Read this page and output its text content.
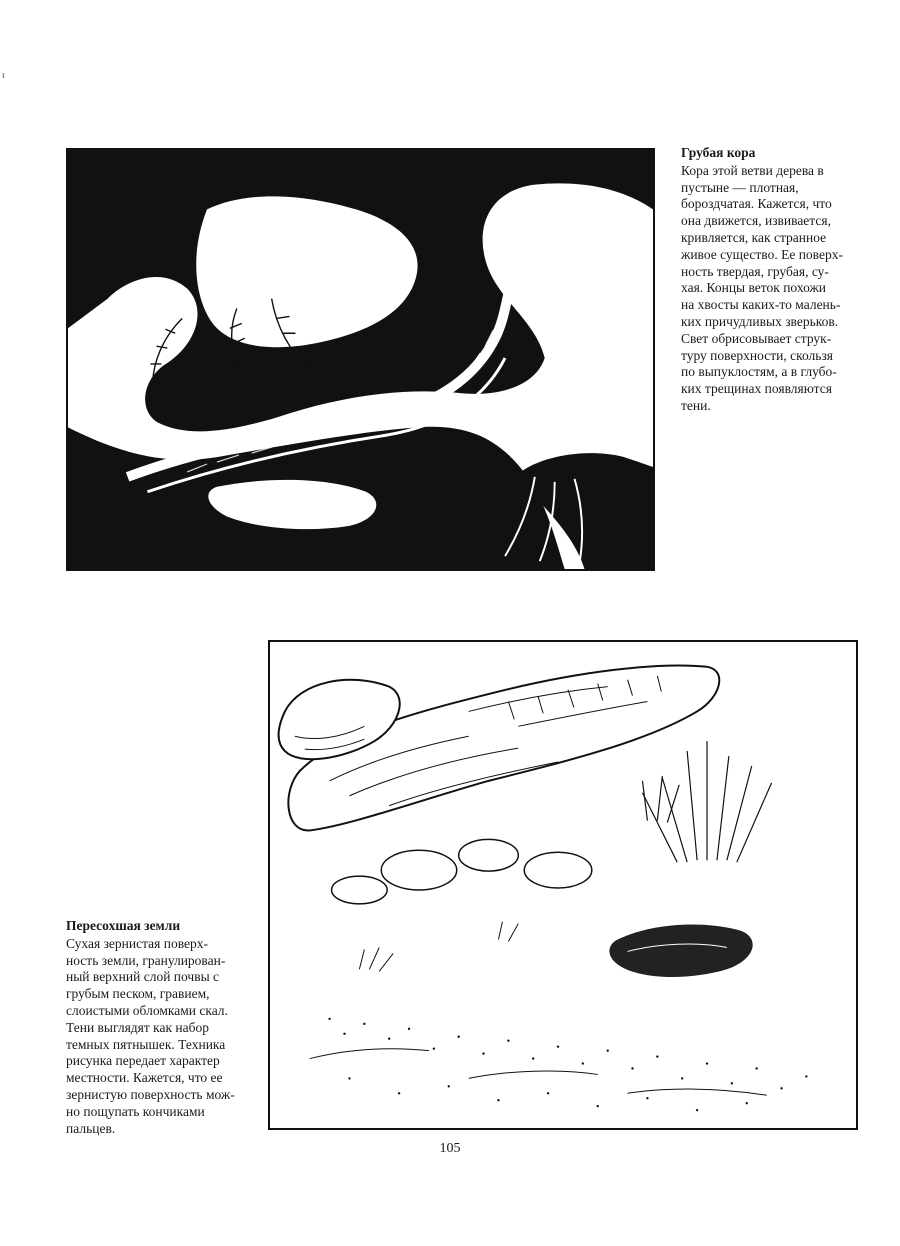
ι

Грубая кора

Кора этой ветви дерева в

пустыне — плотная,

бороздчатая. Кажется, что

она движется, извивается,

кривляется, как странное

живое существо. Ее поверх-

ность твердая, грубая, су-

хая. Концы веток похожи

на хвосты каких-то малень-

ких причудливых зверьков.

Свет обрисовывает струк-

туру поверхности, скользя

по выпуклостям, а в глубо-

ких трещинах появляются

тени.

Пересохшая земли

Сухая зернистая поверх-

ность земли, гранулирован-

ный верхний слой почвы с

грубым песком, гравием,

слоистыми обломками скал.

Тени выглядят как набор

темных пятнышек. Техника

рисунка передает характер

местности. Кажется, что ее

зернистую поверхность мож-

но пощупать кончиками

пальцев.

105
